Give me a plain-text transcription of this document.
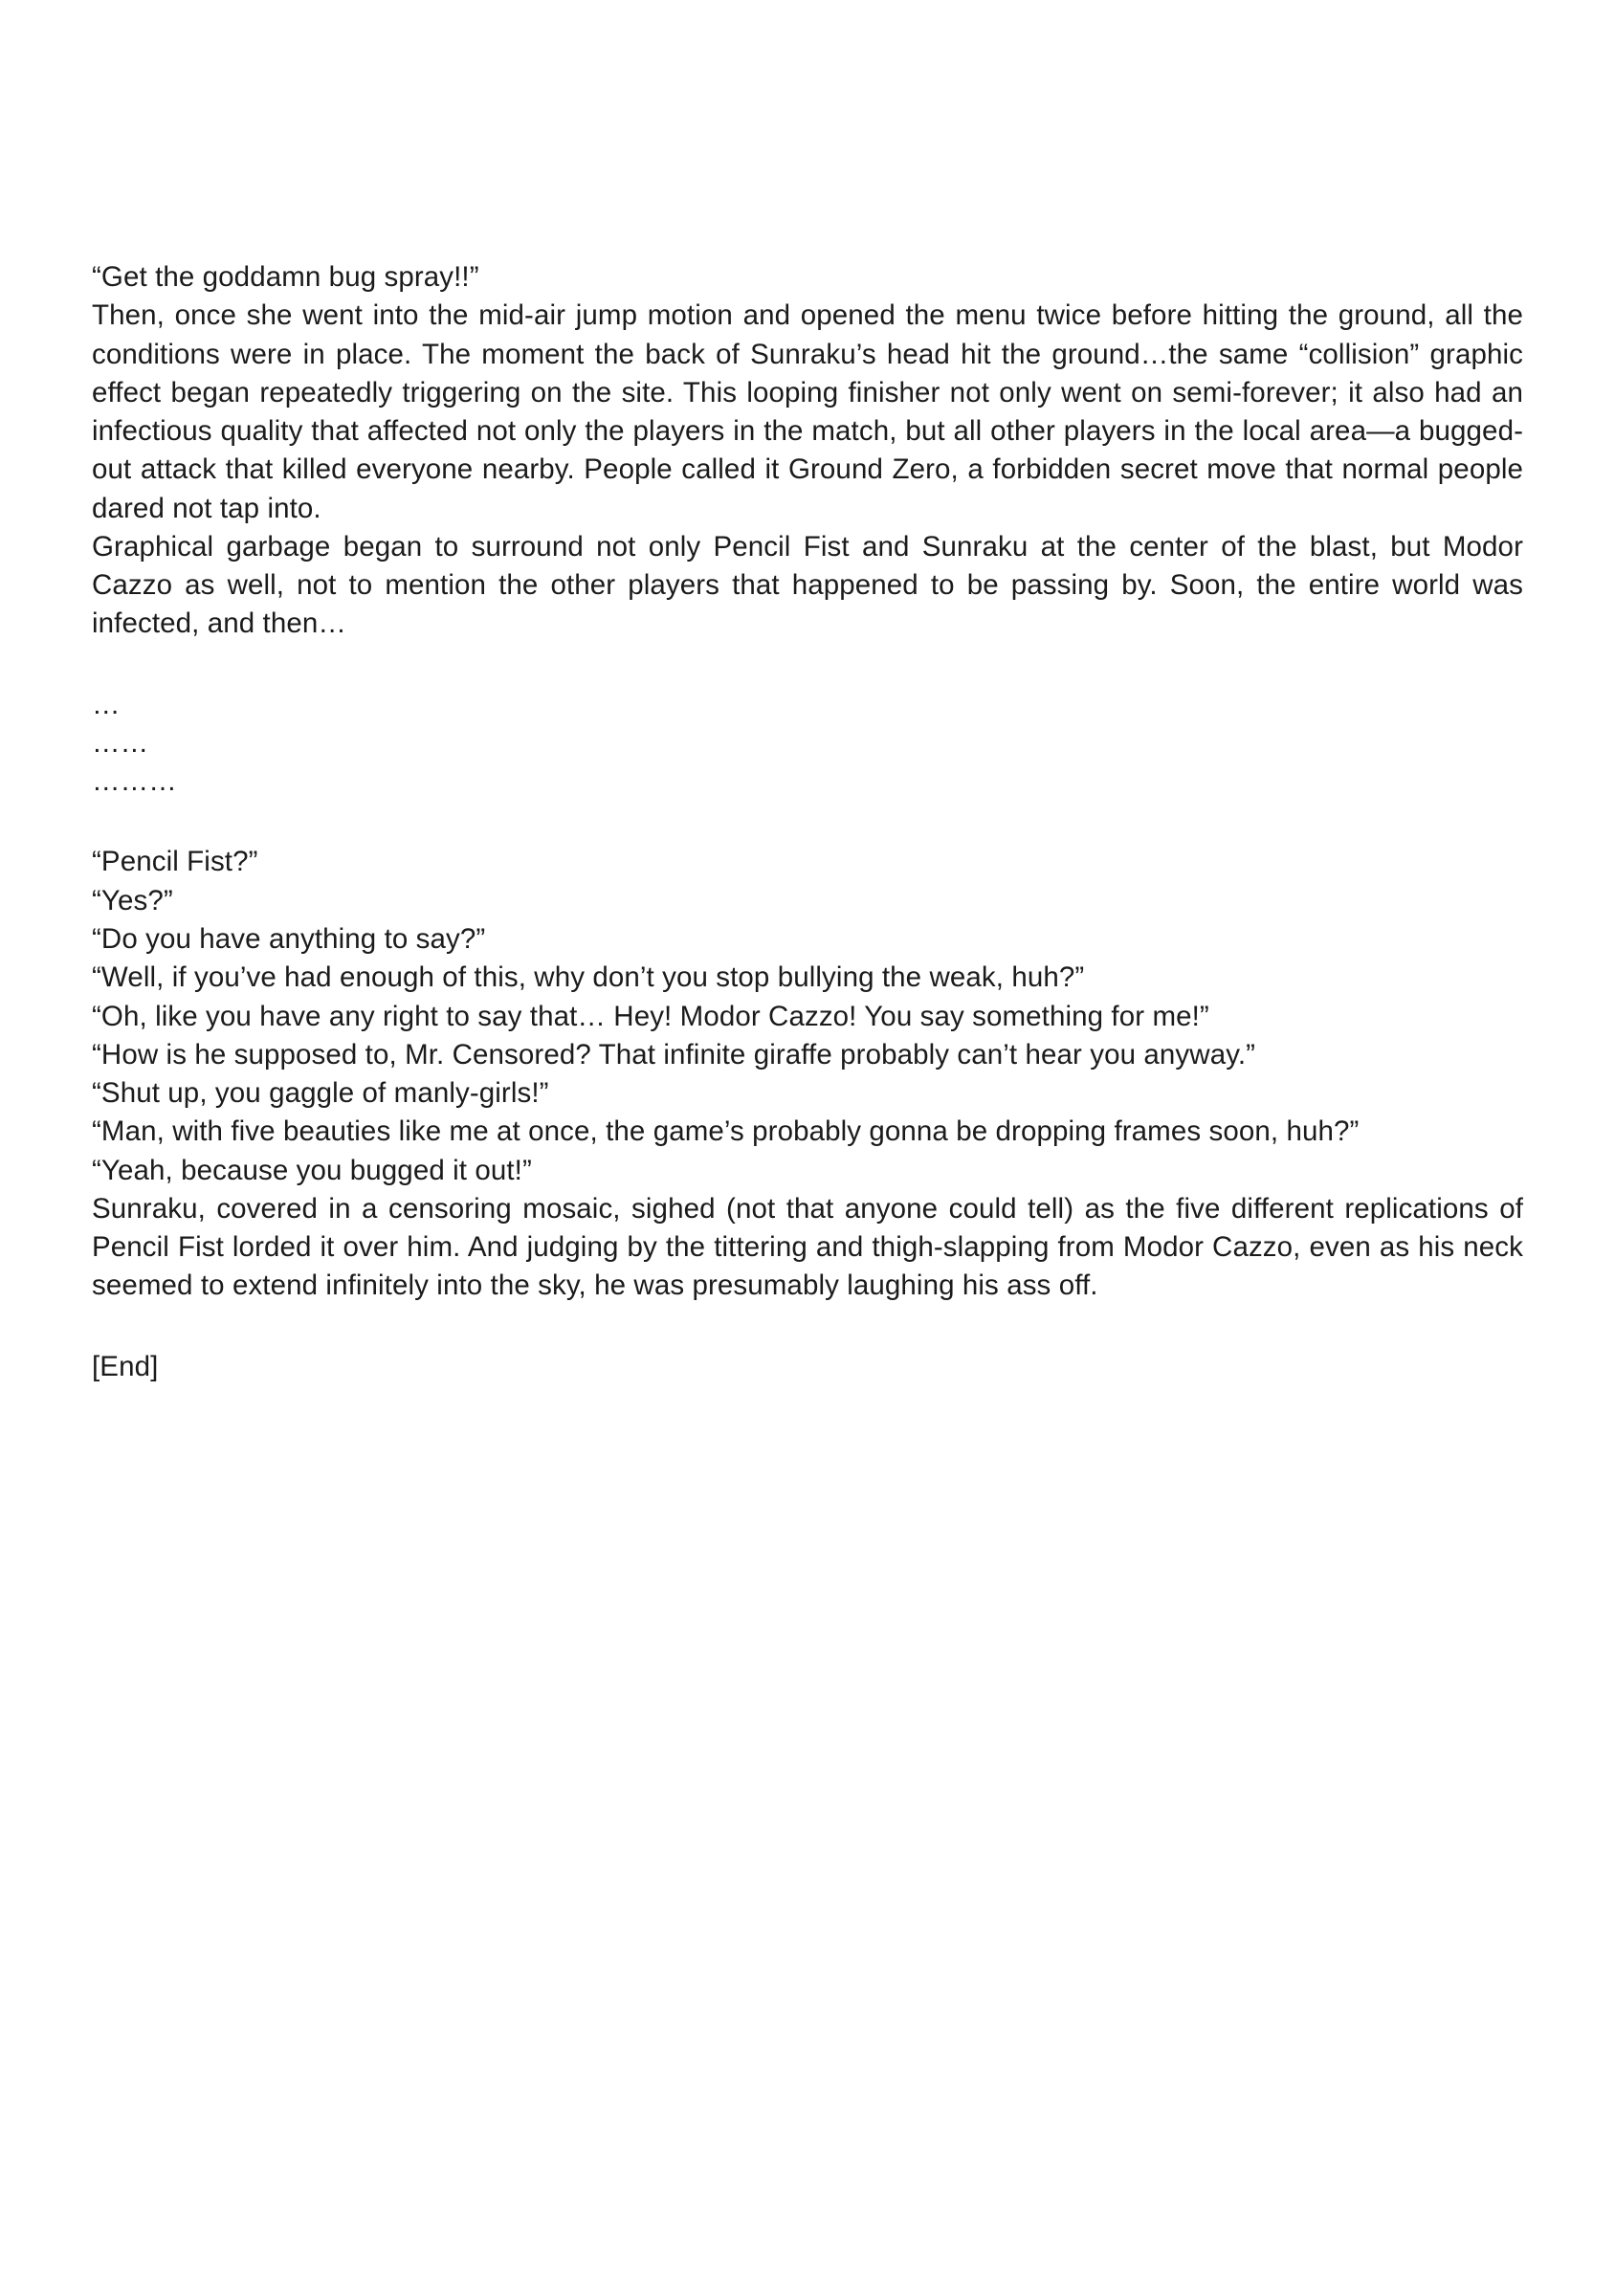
“Get the goddamn bug spray!!”

Then, once she went into the mid-air jump motion and opened the menu twice before hitting the ground, all the conditions were in place. The moment the back of Sunraku’s head hit the ground…the same “collision” graphic effect began repeatedly triggering on the site. This looping finisher not only went on semi-forever; it also had an infectious quality that affected not only the players in the match, but all other players in the local area—a bugged-out attack that killed everyone nearby. People called it Ground Zero, a forbidden secret move that normal people dared not tap into.

Graphical garbage began to surround not only Pencil Fist and Sunraku at the center of the blast, but Modor Cazzo as well, not to mention the other players that happened to be passing by. Soon, the entire world was infected, and then…

…

……

………

“Pencil Fist?”

“Yes?”

“Do you have anything to say?”

“Well, if you’ve had enough of this, why don’t you stop bullying the weak, huh?”

“Oh, like you have any right to say that… Hey! Modor Cazzo! You say something for me!”

“How is he supposed to, Mr. Censored? That infinite giraffe probably can’t hear you anyway.”

“Shut up, you gaggle of manly-girls!”

“Man, with five beauties like me at once, the game’s probably gonna be dropping frames soon, huh?”

“Yeah, because you bugged it out!”

Sunraku, covered in a censoring mosaic, sighed (not that anyone could tell) as the five different replications of Pencil Fist lorded it over him. And judging by the tittering and thigh-slapping from Modor Cazzo, even as his neck seemed to extend infinitely into the sky, he was presumably laughing his ass off.

[End]
